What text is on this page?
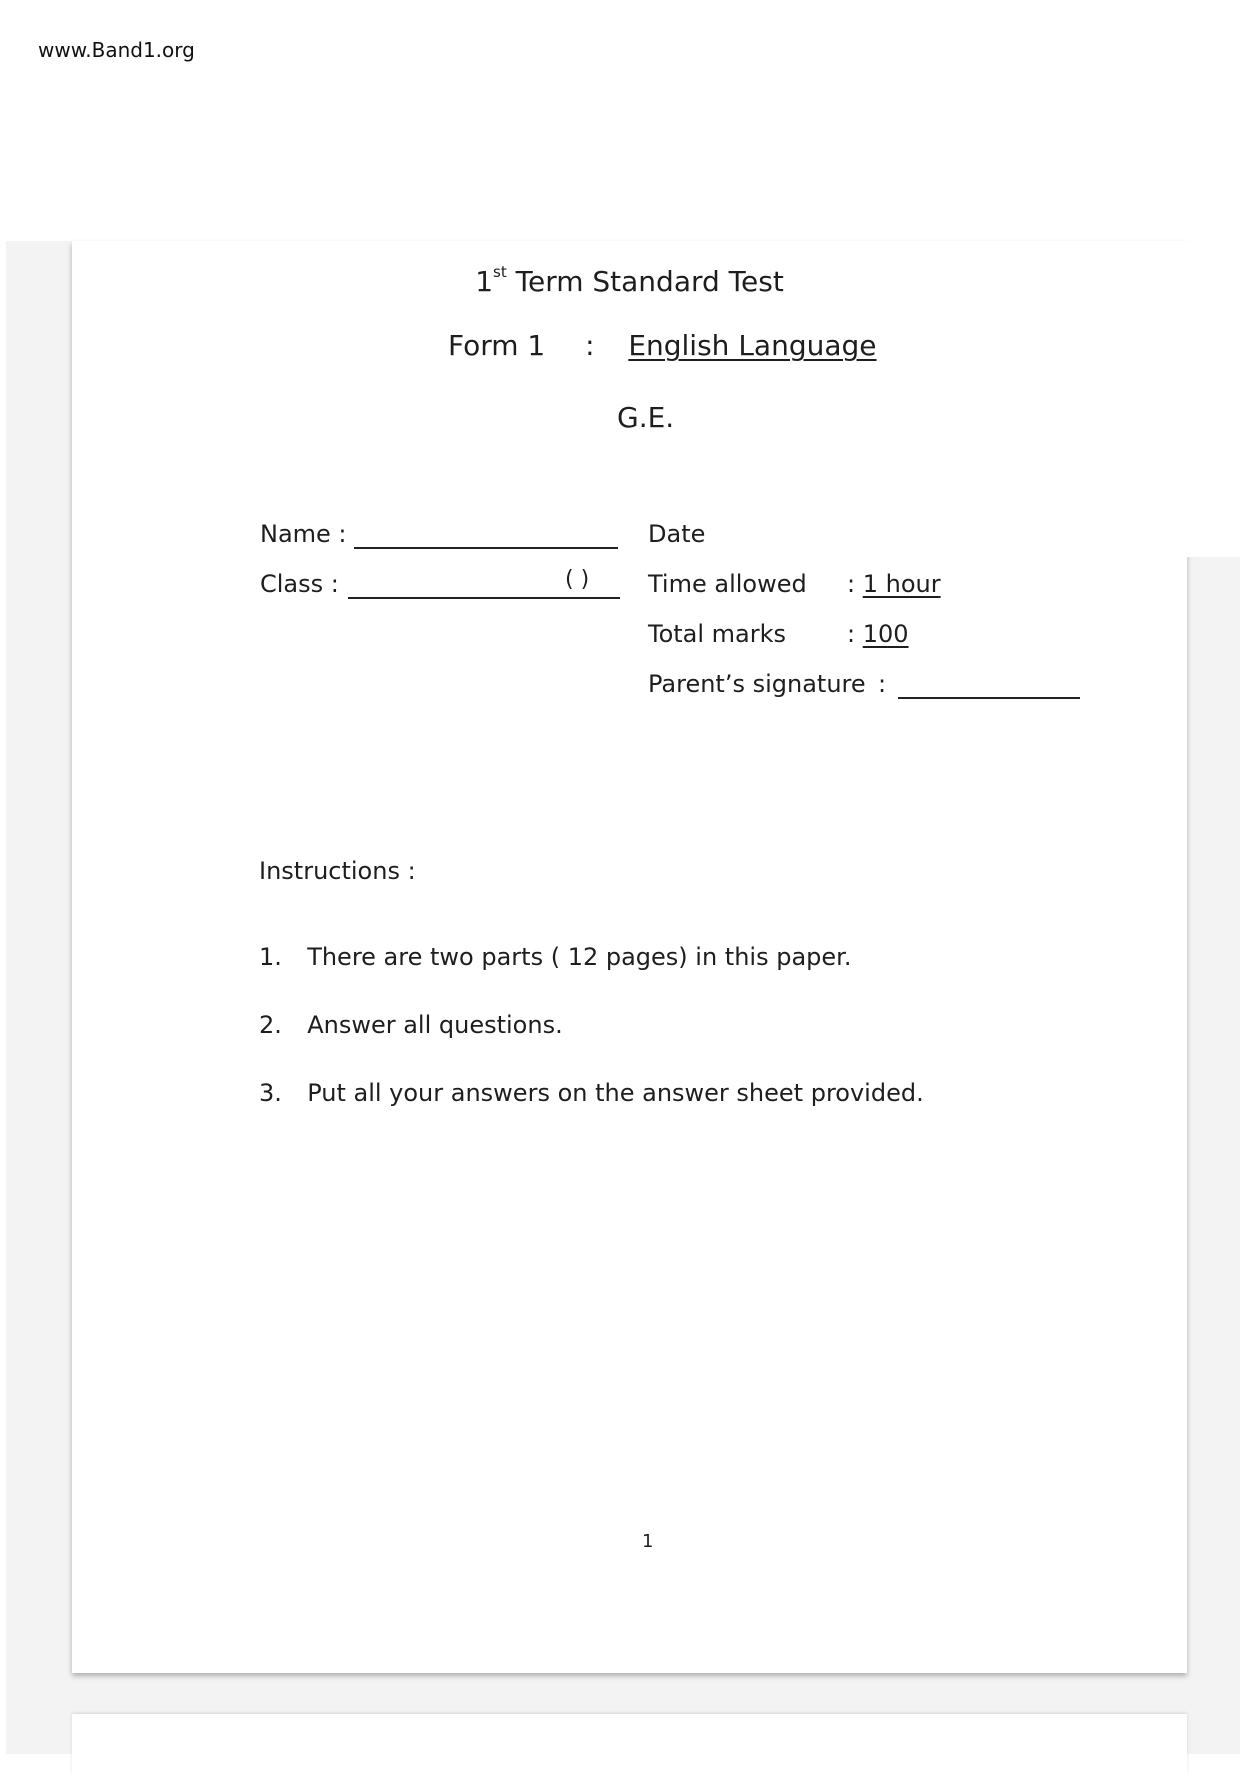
www.Band1.org
1st Term Standard Test
Form 1 : English Language
G.E.
Name :
Class :	( )
Date
Time allowed : 1 hour
Total marks	: 100
Parent’s signature :
Instructions :
1. There are two parts ( 12 pages) in this paper.
2. Answer all questions.
3. Put all your answers on the answer sheet provided.
1
